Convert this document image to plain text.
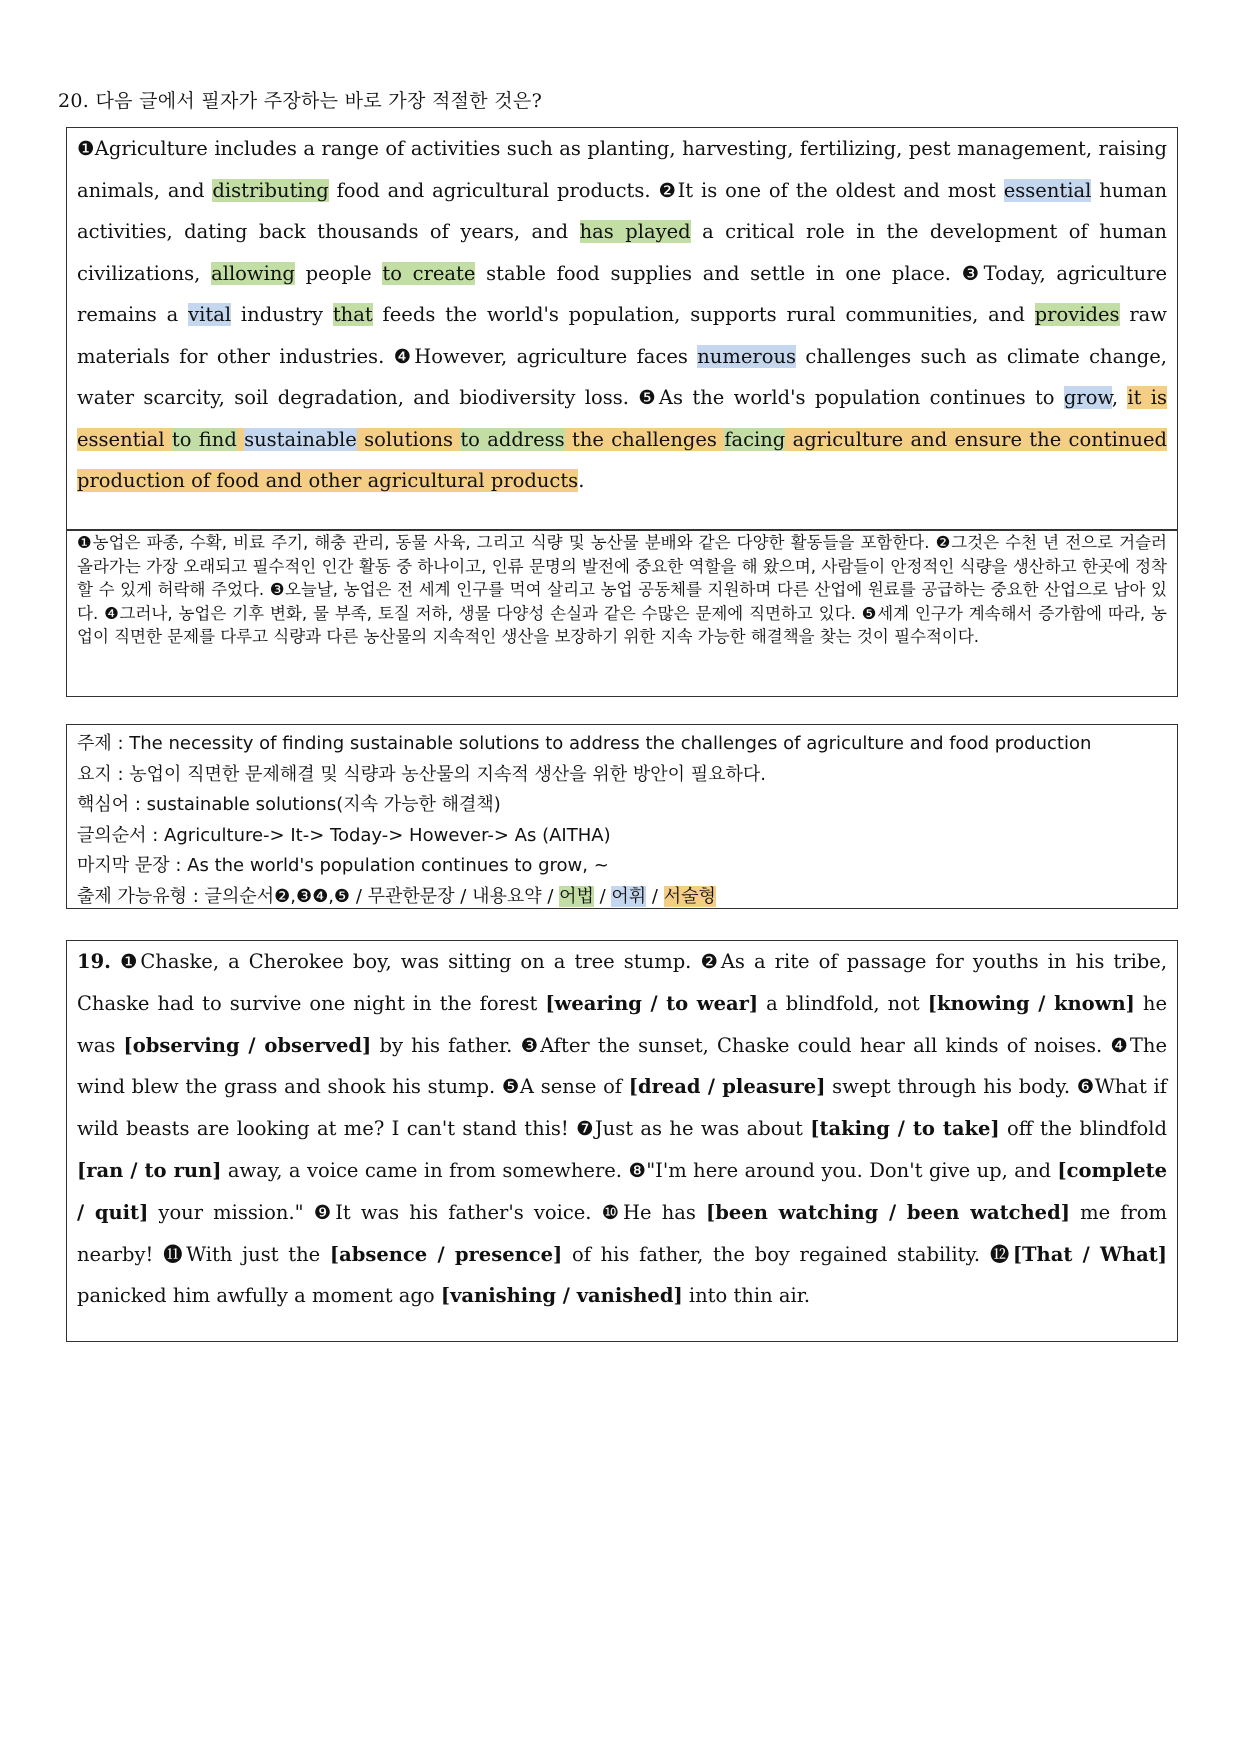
20. 다음 글에서 필자가 주장하는 바로 가장 적절한 것은?
❶Agriculture includes a range of activities such as planting, harvesting, fertilizing, pest management, raising animals, and distributing food and agricultural products. ❷It is one of the oldest and most essential human activities, dating back thousands of years, and has played a critical role in the development of human civilizations, allowing people to create stable food supplies and settle in one place. ❸Today, agriculture remains a vital industry that feeds the world's population, supports rural communities, and provides raw materials for other industries. ❹However, agriculture faces numerous challenges such as climate change, water scarcity, soil degradation, and biodiversity loss. ❺As the world's population continues to grow, it is essential to find sustainable solutions to address the challenges facing agriculture and ensure the continued production of food and other agricultural products.
❶농업은 파종, 수확, 비료 주기, 해충 관리, 동물 사육, 그리고 식량 및 농산물 분배와 같은 다양한 활동들을 포함한다. ❷그것은 수천 년 전으로 거슬러 올라가는 가장 오래되고 필수적인 인간 활동 중 하나이고, 인류 문명의 발전에 중요한 역할을 해 왔으며, 사람들이 안정적인 식량을 생산하고 한곳에 정착할 수 있게 허락해 주었다. ❸오늘날, 농업은 전 세계 인구를 먹여 살리고 농업 공동체를 지원하며 다른 산업에 원료를 공급하는 중요한 산업으로 남아 있다. ❹그러나, 농업은 기후 변화, 물 부족, 토질 저하, 생물 다양성 손실과 같은 수많은 문제에 직면하고 있다. ❺세계 인구가 계속해서 증가함에 따라, 농업이 직면한 문제를 다루고 식량과 다른 농산물의 지속적인 생산을 보장하기 위한 지속 가능한 해결책을 찾는 것이 필수적이다.
주제 : The necessity of finding sustainable solutions to address the challenges of agriculture and food production
요지 : 농업이 직면한 문제해결 및 식량과 농산물의 지속적 생산을 위한 방안이 필요하다.
핵심어 : sustainable solutions(지속 가능한 해결책)
글의순서 : Agriculture-> It-> Today-> However-> As (AITHA)
마지막 문장 : As the world's population continues to grow, ~
출제 가능유형 : 글의순서❷,❸❹,❺ / 무관한문장 / 내용요약 / 어법 / 어휘 / 서술형
19. ❶Chaske, a Cherokee boy, was sitting on a tree stump. ❷As a rite of passage for youths in his tribe, Chaske had to survive one night in the forest [wearing / to wear] a blindfold, not [knowing / known] he was [observing / observed] by his father. ❸After the sunset, Chaske could hear all kinds of noises. ❹The wind blew the grass and shook his stump. ❺A sense of [dread / pleasure] swept through his body. ❻What if wild beasts are looking at me? I can't stand this! ❼Just as he was about [taking / to take] off the blindfold [ran / to run] away, a voice came in from somewhere. ❽"I'm here around you. Don't give up, and [complete / quit] your mission." ❾It was his father's voice. ❿He has [been watching / been watched] me from nearby! ⓫With just the [absence / presence] of his father, the boy regained stability. ⓬[That / What] panicked him awfully a moment ago [vanishing / vanished] into thin air.
